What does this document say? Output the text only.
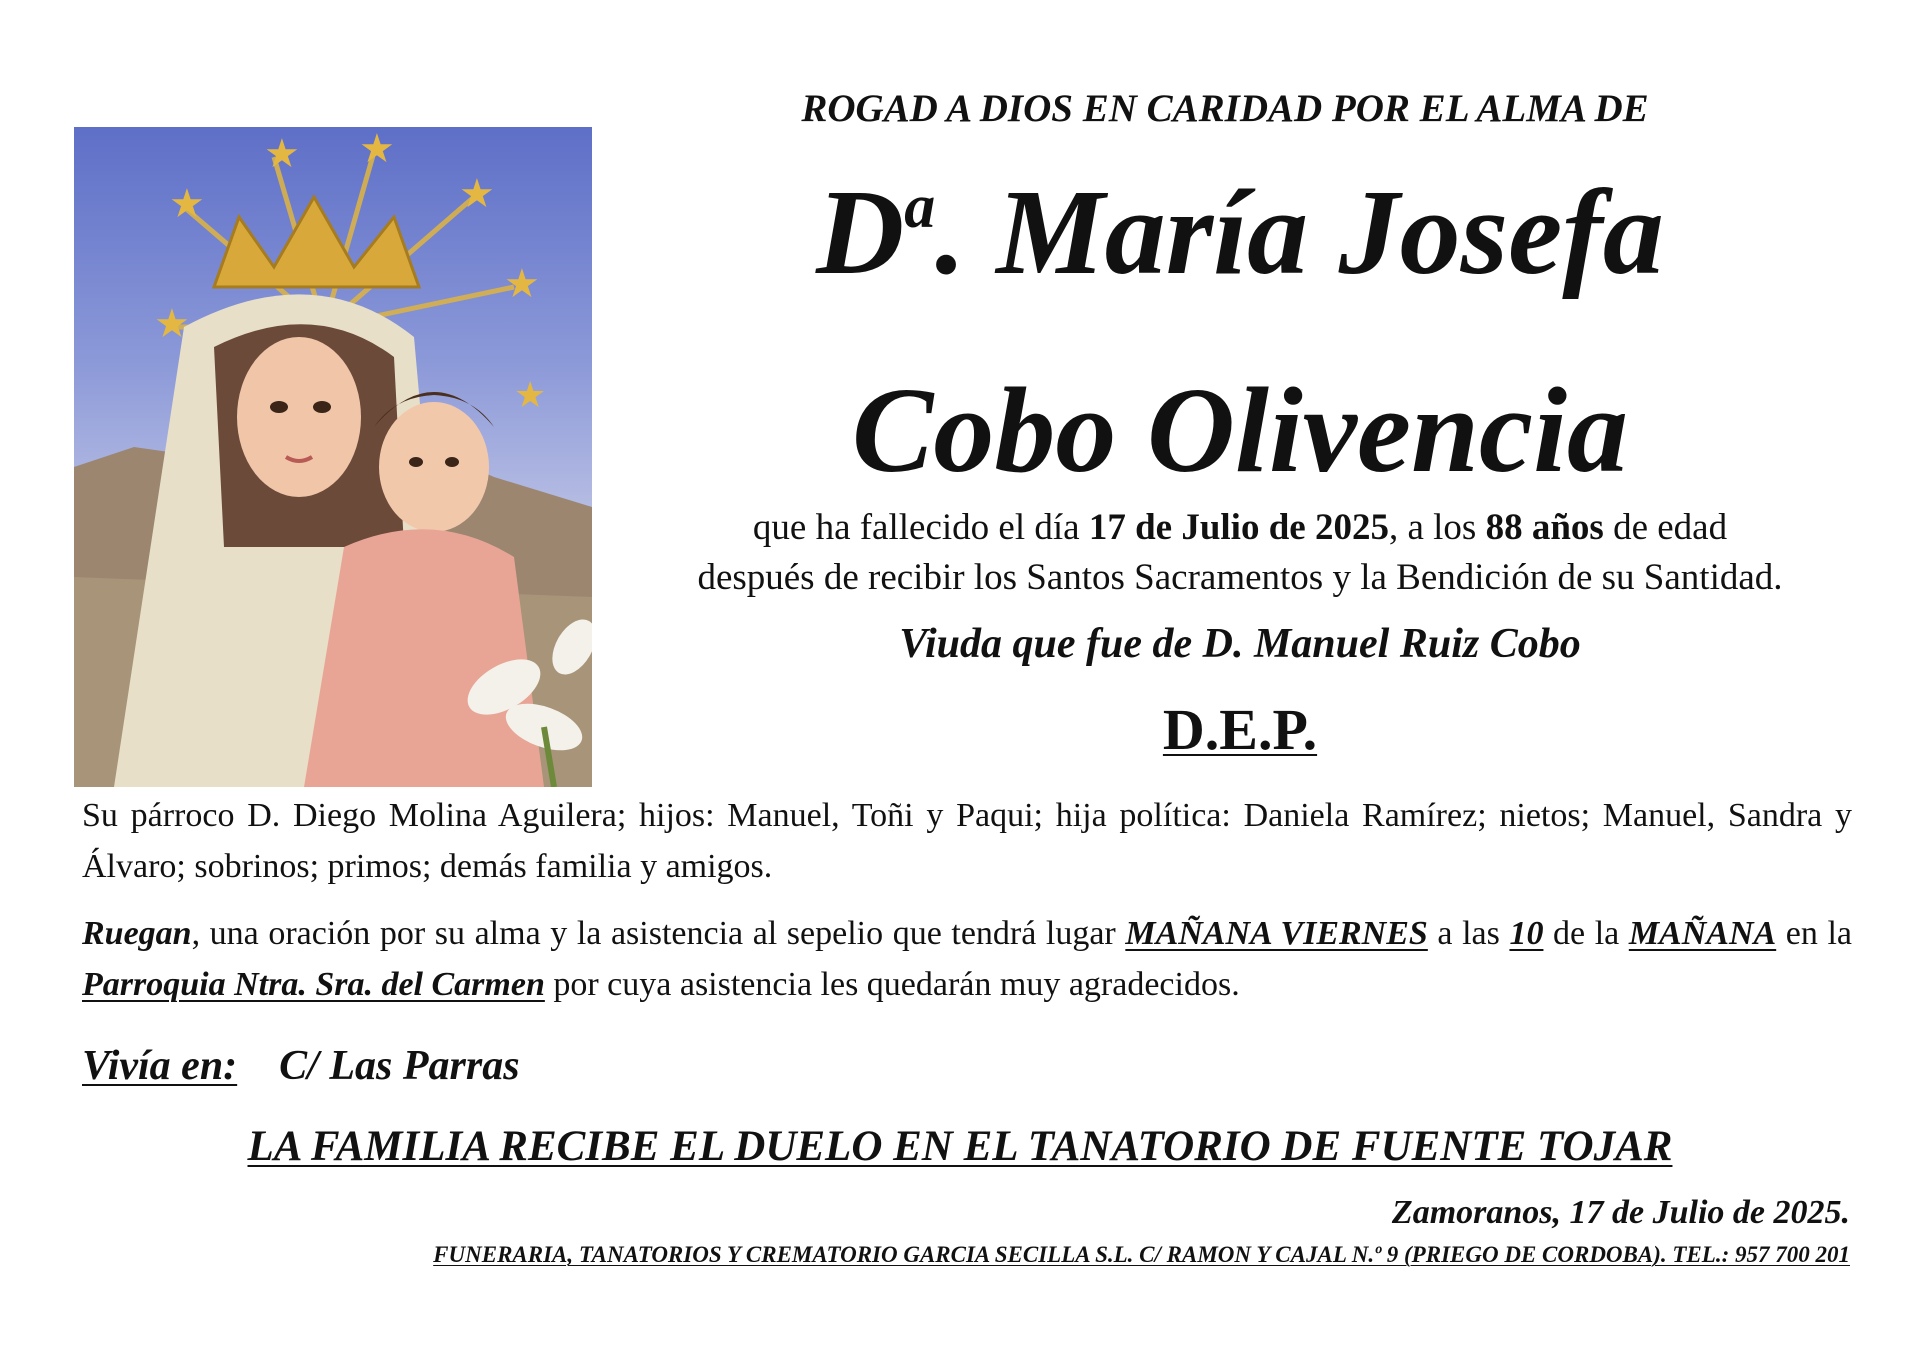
★
★ ★
★
★
★
★
ROGAD A DIOS EN CARIDAD POR EL ALMA DE
$D^a$. María Josefa
Cobo Olivencia
que ha fallecido el día 17 de Julio de 2025, a los 88 años de edad
después de recibir los Santos Sacramentos y la Bendición de su Santidad.
Viuda que fue de D. Manuel Ruiz Cobo
D.E.P.
Su párroco D. Diego Molina Aguilera; hijos: Manuel, Toñi y Paqui; hija política: Daniela Ramírez; nietos; Manuel, Sandra y Álvaro; sobrinos; primos; demás familia y amigos.
Ruegan, una oración por su alma y la asistencia al sepelio que tendrá lugar MAÑANA VIERNES a las 10 de la MAÑANA en la Parroquia Ntra. Sra. del Carmen por cuya asistencia les quedarán muy agradecidos.
Vivía en: C/ Las Parras
LA FAMILIA RECIBE EL DUELO EN EL TANATORIO DE FUENTE TOJAR
Zamoranos, 17 de Julio de 2025.
FUNERARIA, TANATORIOS Y CREMATORIO GARCIA SECILLA S.L. C/ RAMON Y CAJAL N.º 9 (PRIEGO DE CORDOBA). TEL.: 957 700 201
